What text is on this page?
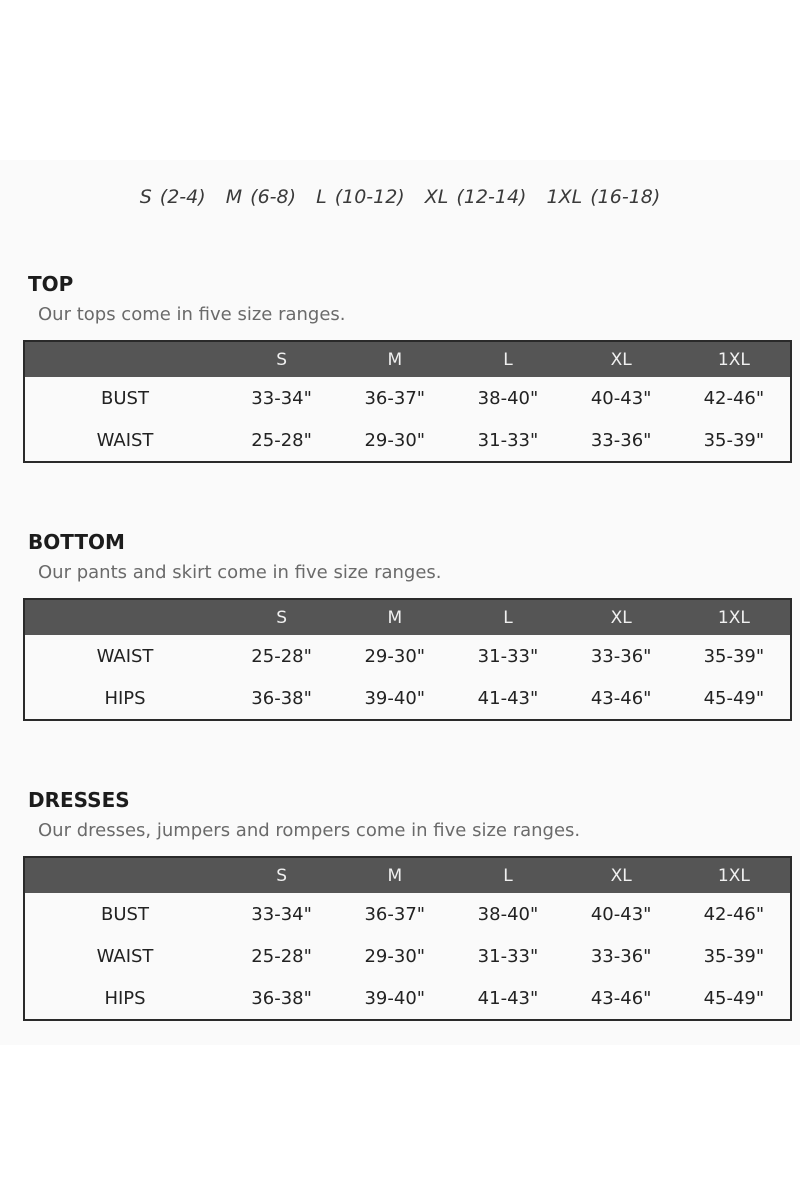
S (2-4) M (6-8) L (10-12) XL (12-14) 1XL (16-18)
TOP

Our tops come in five size ranges.

	S	M	L	XL	1XL
BUST	33-34"	36-37"	38-40"	40-43"	42-46"
WAIST	25-28"	29-30"	31-33"	33-36"	35-39"
BOTTOM

Our pants and skirt come in five size ranges.

	S	M	L	XL	1XL
WAIST	25-28"	29-30"	31-33"	33-36"	35-39"
HIPS	36-38"	39-40"	41-43"	43-46"	45-49"
DRESSES

Our dresses, jumpers and rompers come in five size ranges.

	S	M	L	XL	1XL
BUST	33-34"	36-37"	38-40"	40-43"	42-46"
WAIST	25-28"	29-30"	31-33"	33-36"	35-39"
HIPS	36-38"	39-40"	41-43"	43-46"	45-49"
